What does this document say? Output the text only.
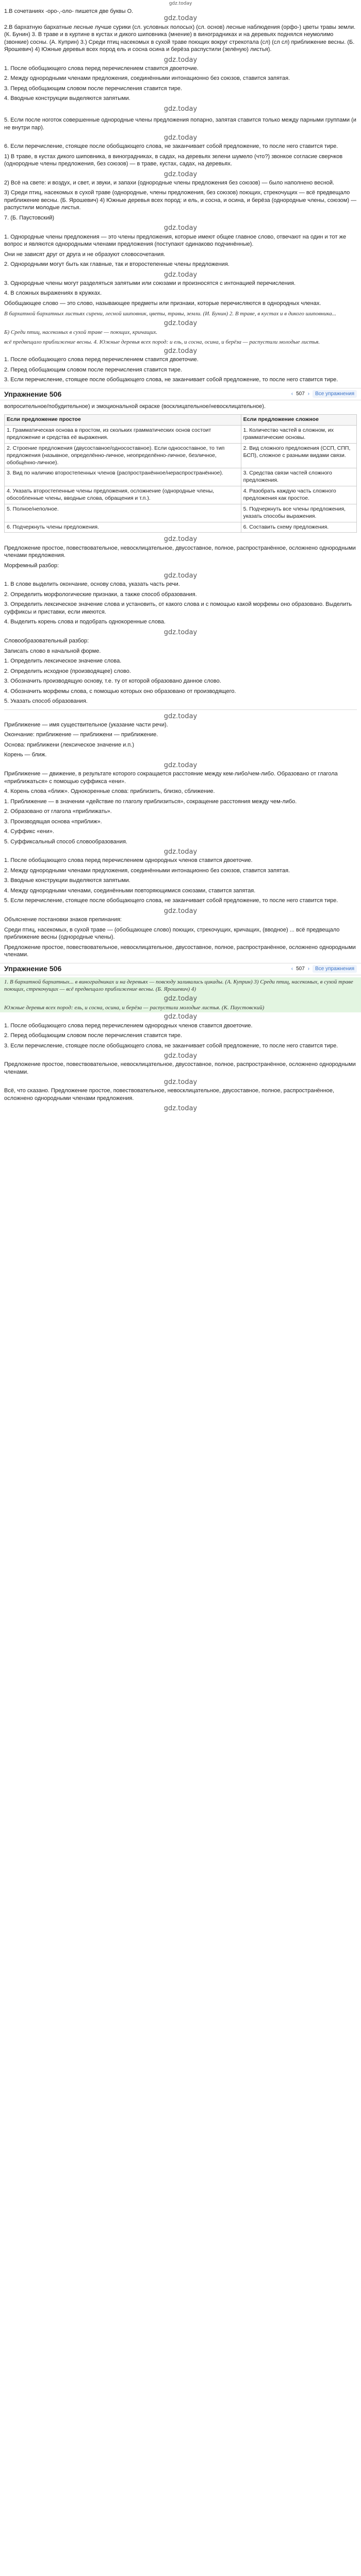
gdz.today

1.В сочетаниях -оро-,-оло- пишется две буквы О.

gdz.today

2.В бархатную бархатные лесные лучше сурики (сл. условных полосых) (сл. основ) лесные наблюдения (орфо-) цветы травы земли. (К. Бунин) 3. В траве и в куртине в кустах и дикого шиповника (мнение) в виноградниках и на деревьях поднялся неумолимо (звонкие) сосны. (А. Куприн) 3.) Среди птиц насекомых в сухой траве поющих вокруг стрекотала (сл) (сл сл) приближение весны. (Б. Ярошевич) 4) Южные деревья всех пород ель и сосна осина и берёза распустили (зелёную) листья).

gdz.today

1. После обобщающего слова перед перечислением ставится двоеточие.

2. Между однородными членами предложения, соединёнными интонационно без союзов, ставится запятая.

3. Перед обобщающим словом после перечисления ставится тире.

4. Вводные конструкции выделяются запятыми.

gdz.today

5. Если после ноготок совершенные однородные члены предложения попарно, запятая ставится только между парными группами (и не внутри пар).

gdz.today

6. Если перечисление, стоящее после обобщающего слова, не заканчивает собой предложение, то после него ставится тире.

1) В траве, в кустах дикого шиповника, в виноградниках, в садах, на деревьях зелени шумело (что?) звонкое согласие сверчков (однородные члены предложения, без союзов) — в траве, кустах, садах, на деревьях.

gdz.today

2) Всё на свете: и воздух, и свет, и звуки, и запахи (однородные члены предложения без союзов) — было наполнено весной.

3) Среди птиц, насекомых в сухой траве (однородные, члены предложения, без союзов) поющих, стрекочущих — всё предвещало приближение весны. (Б. Ярошевич) 4) Южные деревья всех пород: и ель, и сосна, и осина, и берёза (однородные члены, союзом) — распустили молодые листья.

7. (Б. Паустовский)

gdz.today

1. Однородные члены предложения — это члены предложения, которые имеют общее главное слово, отвечают на один и тот же вопрос и являются однородными членами предложения (поступают одинаково подчинённые).

Они не зависят друг от друга и не образуют словосочетания.

2. Однородными могут быть как главные, так и второстепенные члены предложения.

gdz.today

3. Однородные члены могут разделяться запятыми или союзами и произносятся с интонацией перечисления.

4. В сложных выражениях в кружках.

Обобщающее слово — это слово, называющее предметы или признаки, которые перечисляются в однородных членах.

В бархатной бархатных листьях сирени, лесной шиповник, цветы, травы, земли. (И. Бунин) 2. В траве, в кустах и в дикого шиповника...
gdz.today
Б) Среди птиц, насекомых в сухой траве — поющих, кричащих.
всё предвещало приближение весны. 4. Южные деревья всех пород: и ель, и сосна, осина, и берёза — распустили молодые листья.
gdz.today

1. После обобщающего слова перед перечислением ставится двоеточие.

2. Перед обобщающим словом после перечисления ставится тире.

3. Если перечисление, стоящее после обобщающего слова, не заканчивает собой предложение, то после него ставится тире.

Упражнение 506	‹ 507 ›	Все упражнения

вопросительное/побудительное) и эмоциональной окраске (восклицательное/невосклицательное).

Если предложение простое	Если предложение сложное
1. Грамматическая основа в простом, из скольких грамматических основ состоит предложение и средства её выражения.	1. Количество частей в сложном, их грамматические основы.
2. Строение предложения (двусоставное/односоставное). Если односоставное, то тип предложения (назывное, определённо-личное, неопределённо-личное, безличное, обобщённо-личное).	2. Вид сложного предложения (ССП, СПП, БСП), сложное с разными видами связи.
3. Вид по наличию второстепенных членов (распространённое/нераспространённое).	3. Средства связи частей сложного предложения.
4. Указать второстепенные члены предложения, осложнение (однородные члены, обособленные члены, вводные слова, обращения и т.п.).	4. Разобрать каждую часть сложного предложения как простое.
5. Полное/неполное.	5. Подчеркнуть все члены предложения, указать способы выражения.
6. Подчеркнуть члены предложения.	6. Составить схему предложения.
gdz.today

Предложение простое, повествовательное, невосклицательное, двусоставное, полное, распространённое, осложнено однородными членами предложения.

Морфемный разбор:

gdz.today

1. В слове выделить окончание, основу слова, указать часть речи.

2. Определить морфологические признаки, а также способ образования.

3. Определить лексическое значение слова и установить, от какого слова и с помощью какой морфемы оно образовано. Выделить суффиксы и приставки, если имеются.

4. Выделить корень слова и подобрать однокоренные слова.

gdz.today

Словообразовательный разбор:

Записать слово в начальной форме.

1. Определить лексическое значение слова.

2. Определить исходное (производящее) слово.

3. Обозначить производящую основу, т.е. ту от которой образовано данное слово.

4. Обозначить морфемы слова, с помощью которых оно образовано от производящего.

5. Указать способ образования.

gdz.today

Приближение — имя существительное (указание части речи).

Окончание: приближение — приближени — приближение.

Основа: приближени (лексическое значение и.п.)

Корень — ближ.

gdz.today

Приближение — движение, в результате которого сокращается расстояние между кем-либо/чем-либо. Образовано от глагола «приближаться» с помощью суффикса «ени».

4. Корень слова «ближ». Однокоренные слова: приблизить, близко, сближение.

1. Приближение — в значении «действие по глаголу приблизиться», сокращение расстояния между чем-либо.

2. Образовано от глагола «приближать».

3. Производящая основа «приближ».

4. Суффикс «ени».

5. Суффиксальный способ словообразования.

gdz.today

1. После обобщающего слова перед перечислением однородных членов ставится двоеточие.

2. Между однородными членами предложения, соединёнными интонационно без союзов, ставится запятая.

3. Вводные конструкции выделяются запятыми.

4. Между однородными членами, соединёнными повторяющимися союзами, ставится запятая.

5. Если перечисление, стоящее после обобщающего слова, не заканчивает собой предложение, то после него ставится тире.

gdz.today

Объяснение постановки знаков препинания:

Среди птиц, насекомых, в сухой траве — (обобщающее слово) поющих, стрекочущих, кричащих, (вводное) ... всё предвещало приближение весны (однородные члены).

Предложение простое, повествовательное, невосклицательное, двусоставное, полное, распространённое, осложнено однородными членами.

Упражнение 506	‹ 507 ›	Все упражнения
1. В бархатной бархатных... в виноградниках и на деревьях — повсюду заливались цикады. (А. Куприн) 3) Среди птиц, насекомых, в сухой траве поющих, стрекочущих — всё предвещало приближение весны. (Б. Ярошевич) 4)
gdz.today
Южные деревья всех пород: ель, и сосна, осина, и берёза — распустили молодые листья. (К. Паустовский)
gdz.today

1. После обобщающего слова перед перечислением однородных членов ставится двоеточие.

2. Перед обобщающим словом после перечисления ставится тире.

3. Если перечисление, стоящее после обобщающего слова, не заканчивает собой предложение, то после него ставится тире.

gdz.today

Предложение простое, повествовательное, невосклицательное, двусоставное, полное, распространённое, осложнено однородными членами.

gdz.today

Всё, что сказано. Предложение простое, повествовательное, невосклицательное, двусоставное, полное, распространённое, осложнено однородными членами предложения.

gdz.today
